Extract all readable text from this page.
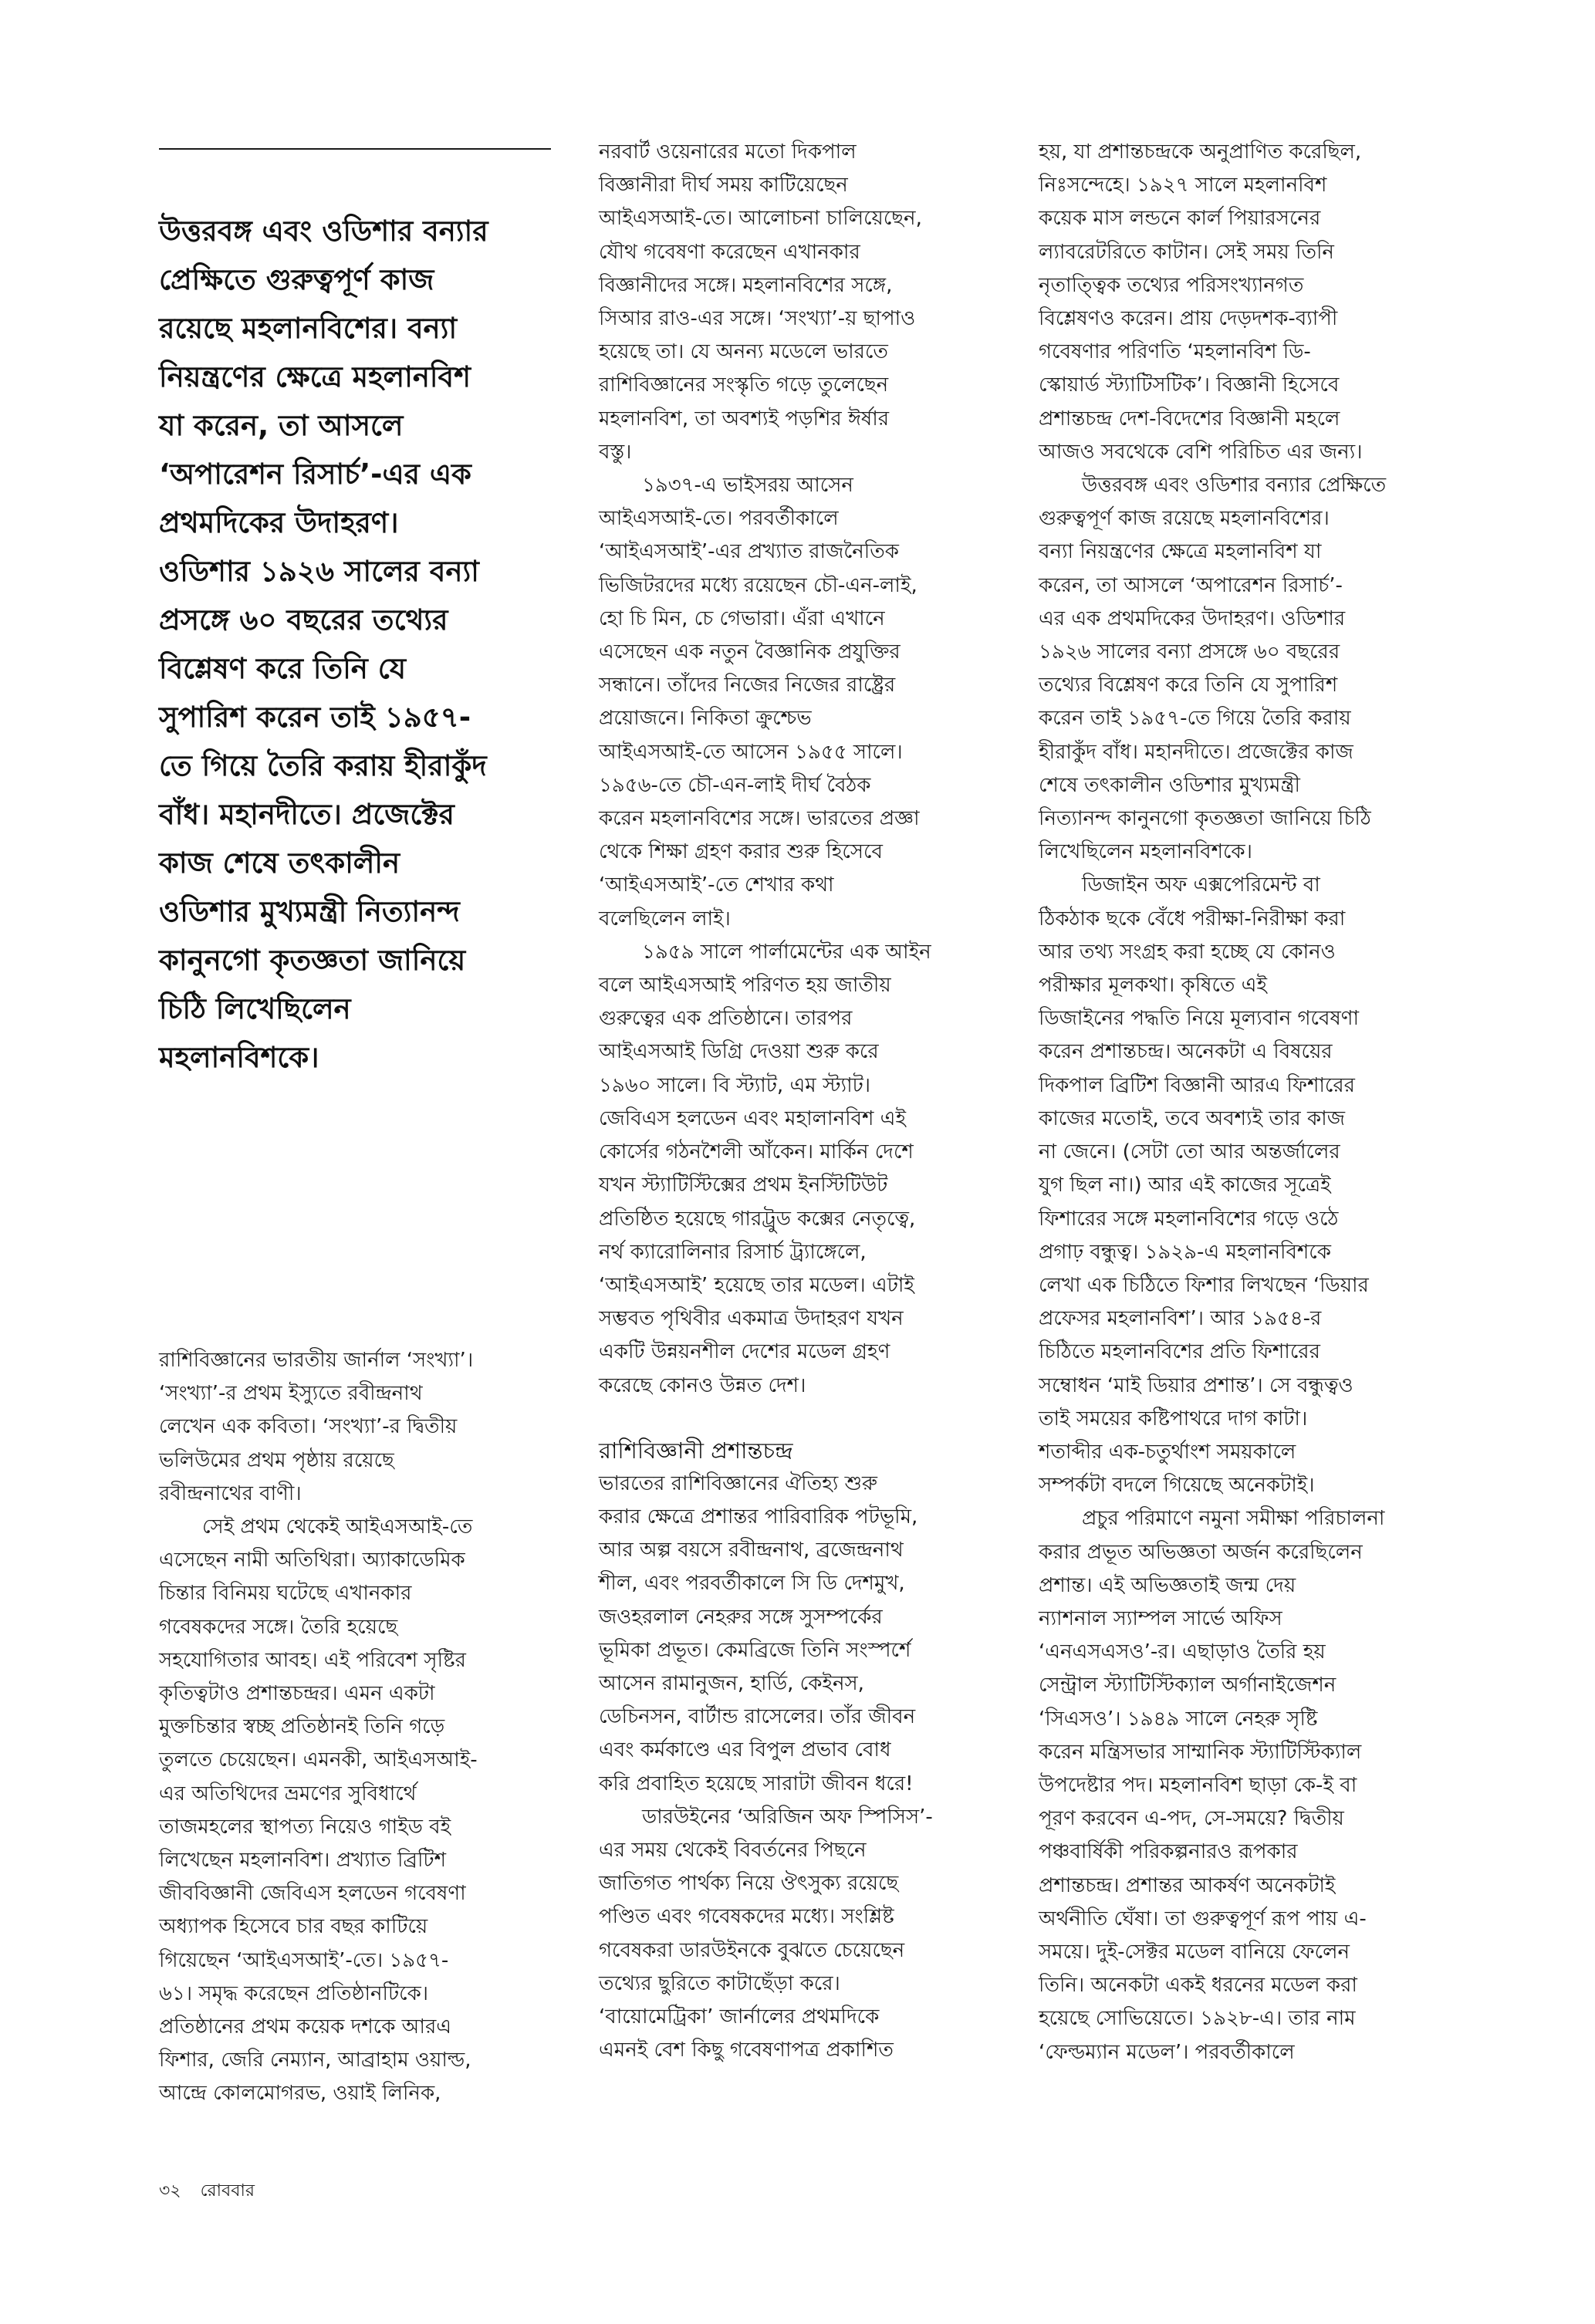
উত্তরবঙ্গ এবং ওডিশার বন্যার
প্রেক্ষিতে গুরুত্বপূর্ণ কাজ
রয়েছে মহলানবিশের। বন্যা
নিয়ন্ত্রণের ক্ষেত্রে মহলানবিশ
যা করেন, তা আসলে
‘অপারেশন রিসার্চ’-এর এক
প্রথমদিকের উদাহরণ।
ওডিশার ১৯২৬ সালের বন্যা
প্রসঙ্গে ৬০ বছরের তথ্যের
বিশ্লেষণ করে তিনি যে
সুপারিশ করেন তাই ১৯৫৭-
তে গিয়ে তৈরি করায় হীরাকুঁদ
বাঁধ। মহানদীতে। প্রজেক্টের
কাজ শেষে তৎকালীন
ওডিশার মুখ্যমন্ত্রী নিত্যানন্দ
কানুনগো কৃতজ্ঞতা জানিয়ে
চিঠি লিখেছিলেন
মহলানবিশকে।
রাশিবিজ্ঞানের ভারতীয় জার্নাল ‘সংখ্যা’।
‘সংখ্যা’-র প্রথম ইস্যুতে রবীন্দ্রনাথ
লেখেন এক কবিতা। ‘সংখ্যা’-র দ্বিতীয়
ভলিউমের প্রথম পৃষ্ঠায় রয়েছে
রবীন্দ্রনাথের বাণী।
সেই প্রথম থেকেই আইএসআই-তে
এসেছেন নামী অতিথিরা। অ্যাকাডেমিক
চিন্তার বিনিময় ঘটেছে এখানকার
গবেষকদের সঙ্গে। তৈরি হয়েছে
সহযোগিতার আবহ। এই পরিবেশ সৃষ্টির
কৃতিত্বটাও প্রশান্তচন্দ্রর। এমন একটা
মুক্তচিন্তার স্বচ্ছ প্রতিষ্ঠানই তিনি গড়ে
তুলতে চেয়েছেন। এমনকী, আইএসআই-
এর অতিথিদের ভ্রমণের সুবিধার্থে
তাজমহলের স্থাপত্য নিয়েও গাইড বই
লিখেছেন মহলানবিশ। প্রখ্যাত ব্রিটিশ
জীববিজ্ঞানী জেবিএস হলডেন গবেষণা
অধ্যাপক হিসেবে চার বছর কাটিয়ে
গিয়েছেন ‘আইএসআই’-তে। ১৯৫৭-
৬১। সমৃদ্ধ করেছেন প্রতিষ্ঠানটিকে।
প্রতিষ্ঠানের প্রথম কয়েক দশকে আরএ
ফিশার, জেরি নেম্যান, আব্রাহাম ওয়াল্ড,
আন্দ্রে কোলমোগরভ, ওয়াই লিনিক,
নরবার্ট ওয়েনারের মতো দিকপাল
বিজ্ঞানীরা দীর্ঘ সময় কাটিয়েছেন
আইএসআই-তে। আলোচনা চালিয়েছেন,
যৌথ গবেষণা করেছেন এখানকার
বিজ্ঞানীদের সঙ্গে। মহলানবিশের সঙ্গে,
সিআর রাও-এর সঙ্গে। ‘সংখ্যা’-য় ছাপাও
হয়েছে তা। যে অনন্য মডেলে ভারতে
রাশিবিজ্ঞানের সংস্কৃতি গড়ে তুলেছেন
মহলানবিশ, তা অবশ্যই পড়শির ঈর্ষার
বস্তু।
১৯৩৭-এ ভাইসরয় আসেন
আইএসআই-তে। পরবর্তীকালে
‘আইএসআই’-এর প্রখ্যাত রাজনৈতিক
ভিজিটরদের মধ্যে রয়েছেন চৌ-এন-লাই,
হো চি মিন, চে গেভারা। এঁরা এখানে
এসেছেন এক নতুন বৈজ্ঞানিক প্রযুক্তির
সন্ধানে। তাঁদের নিজের নিজের রাষ্ট্রের
প্রয়োজনে। নিকিতা ক্রুশ্চেভ
আইএসআই-তে আসেন ১৯৫৫ সালে।
১৯৫৬-তে চৌ-এন-লাই দীর্ঘ বৈঠক
করেন মহলানবিশের সঙ্গে। ভারতের প্রজ্ঞা
থেকে শিক্ষা গ্রহণ করার শুরু হিসেবে
‘আইএসআই’-তে শেখার কথা
বলেছিলেন লাই।
১৯৫৯ সালে পার্লামেন্টের এক আইন
বলে আইএসআই পরিণত হয় জাতীয়
গুরুত্বের এক প্রতিষ্ঠানে। তারপর
আইএসআই ডিগ্রি দেওয়া শুরু করে
১৯৬০ সালে। বি স্ট্যাট, এম স্ট্যাট।
জেবিএস হলডেন এবং মহালানবিশ এই
কোর্সের গঠনশৈলী আঁকেন। মার্কিন দেশে
যখন স্ট্যাটিস্টিক্সের প্রথম ইনস্টিটিউট
প্রতিষ্ঠিত হয়েছে গারট্রুড কক্সের নেতৃত্বে,
নর্থ ক্যারোলিনার রিসার্চ ট্র্যাঙ্গেলে,
‘আইএসআই’ হয়েছে তার মডেল। এটাই
সম্ভবত পৃথিবীর একমাত্র উদাহরণ যখন
একটি উন্নয়নশীল দেশের মডেল গ্রহণ
করেছে কোনও উন্নত দেশ।
রাশিবিজ্ঞানী প্রশান্তচন্দ্র
ভারতের রাশিবিজ্ঞানের ঐতিহ্য শুরু
করার ক্ষেত্রে প্রশান্তর পারিবারিক পটভূমি,
আর অল্প বয়সে রবীন্দ্রনাথ, ব্রজেন্দ্রনাথ
শীল, এবং পরবর্তীকালে সি ডি দেশমুখ,
জওহরলাল নেহরুর সঙ্গে সুসম্পর্কের
ভূমিকা প্রভূত। কেমব্রিজে তিনি সংস্পর্শে
আসেন রামানুজন, হার্ডি, কেইনস,
ডেচিনসন, বার্টান্ড রাসেলের। তাঁর জীবন
এবং কর্মকাণ্ডে এর বিপুল প্রভাব বোধ
করি প্রবাহিত হয়েছে সারাটা জীবন ধরে!
ডারউইনের ‘অরিজিন অফ স্পিসিস’-
এর সময় থেকেই বিবর্তনের পিছনে
জাতিগত পার্থক্য নিয়ে ঔৎসুক্য রয়েছে
পণ্ডিত এবং গবেষকদের মধ্যে। সংশ্লিষ্ট
গবেষকরা ডারউইনকে বুঝতে চেয়েছেন
তথ্যের ছুরিতে কাটাছেঁড়া করে।
‘বায়োমেট্রিকা’ জার্নালের প্রথমদিকে
এমনই বেশ কিছু গবেষণাপত্র প্রকাশিত
হয়, যা প্রশান্তচন্দ্রকে অনুপ্রাণিত করেছিল,
নিঃসন্দেহে। ১৯২৭ সালে মহলানবিশ
কয়েক মাস লন্ডনে কার্ল পিয়ারসনের
ল্যাবরেটরিতে কাটান। সেই সময় তিনি
নৃতাত্ত্বিক তথ্যের পরিসংখ্যানগত
বিশ্লেষণও করেন। প্রায় দেড়দশক-ব্যাপী
গবেষণার পরিণতি ‘মহলানবিশ ডি-
স্কোয়ার্ড স্ট্যাটিসটিক’। বিজ্ঞানী হিসেবে
প্রশান্তচন্দ্র দেশ-বিদেশের বিজ্ঞানী মহলে
আজও সবথেকে বেশি পরিচিত এর জন্য।
উত্তরবঙ্গ এবং ওডিশার বন্যার প্রেক্ষিতে
গুরুত্বপূর্ণ কাজ রয়েছে মহলানবিশের।
বন্যা নিয়ন্ত্রণের ক্ষেত্রে মহলানবিশ যা
করেন, তা আসলে ‘অপারেশন রিসার্চ’-
এর এক প্রথমদিকের উদাহরণ। ওডিশার
১৯২৬ সালের বন্যা প্রসঙ্গে ৬০ বছরের
তথ্যের বিশ্লেষণ করে তিনি যে সুপারিশ
করেন তাই ১৯৫৭-তে গিয়ে তৈরি করায়
হীরাকুঁদ বাঁধ। মহানদীতে। প্রজেক্টের কাজ
শেষে তৎকালীন ওডিশার মুখ্যমন্ত্রী
নিত্যানন্দ কানুনগো কৃতজ্ঞতা জানিয়ে চিঠি
লিখেছিলেন মহলানবিশকে।
ডিজাইন অফ এক্সপেরিমেন্ট বা
ঠিকঠাক ছকে বেঁধে পরীক্ষা-নিরীক্ষা করা
আর তথ্য সংগ্রহ করা হচ্ছে যে কোনও
পরীক্ষার মূলকথা। কৃষিতে এই
ডিজাইনের পদ্ধতি নিয়ে মূল্যবান গবেষণা
করেন প্রশান্তচন্দ্র। অনেকটা এ বিষয়ের
দিকপাল ব্রিটিশ বিজ্ঞানী আরএ ফিশারের
কাজের মতোই, তবে অবশ্যই তার কাজ
না জেনে। (সেটা তো আর অন্তর্জালের
যুগ ছিল না।) আর এই কাজের সূত্রেই
ফিশারের সঙ্গে মহলানবিশের গড়ে ওঠে
প্রগাঢ় বন্ধুত্ব। ১৯২৯-এ মহলানবিশকে
লেখা এক চিঠিতে ফিশার লিখছেন ‘ডিয়ার
প্রফেসর মহলানবিশ’। আর ১৯৫৪-র
চিঠিতে মহলানবিশের প্রতি ফিশারের
সম্বোধন ‘মাই ডিয়ার প্রশান্ত’। সে বন্ধুত্বও
তাই সময়ের কষ্টিপাথরে দাগ কাটা।
শতাব্দীর এক-চতুর্থাংশ সময়কালে
সম্পর্কটা বদলে গিয়েছে অনেকটাই।
প্রচুর পরিমাণে নমুনা সমীক্ষা পরিচালনা
করার প্রভূত অভিজ্ঞতা অর্জন করেছিলেন
প্রশান্ত। এই অভিজ্ঞতাই জন্ম দেয়
ন্যাশনাল স্যাম্পল সার্ভে অফিস
‘এনএসএসও’-র। এছাড়াও তৈরি হয়
সেন্ট্রাল স্ট্যাটিস্টিক্যাল অর্গানাইজেশন
‘সিএসও’। ১৯৪৯ সালে নেহরু সৃষ্টি
করেন মন্ত্রিসভার সাম্মানিক স্ট্যাটিস্টিক্যাল
উপদেষ্টার পদ। মহলানবিশ ছাড়া কে-ই বা
পূরণ করবেন এ-পদ, সে-সময়ে? দ্বিতীয়
পঞ্চবার্ষিকী পরিকল্পনারও রূপকার
প্রশান্তচন্দ্র। প্রশান্তর আকর্ষণ অনেকটাই
অর্থনীতি ঘেঁষা। তা গুরুত্বপূর্ণ রূপ পায় এ-
সময়ে। দুই-সেক্টর মডেল বানিয়ে ফেলেন
তিনি। অনেকটা একই ধরনের মডেল করা
হয়েছে সোভিয়েতে। ১৯২৮-এ। তার নাম
‘ফেল্ডম্যান মডেল’। পরবর্তীকালে
৩২ রোববার
